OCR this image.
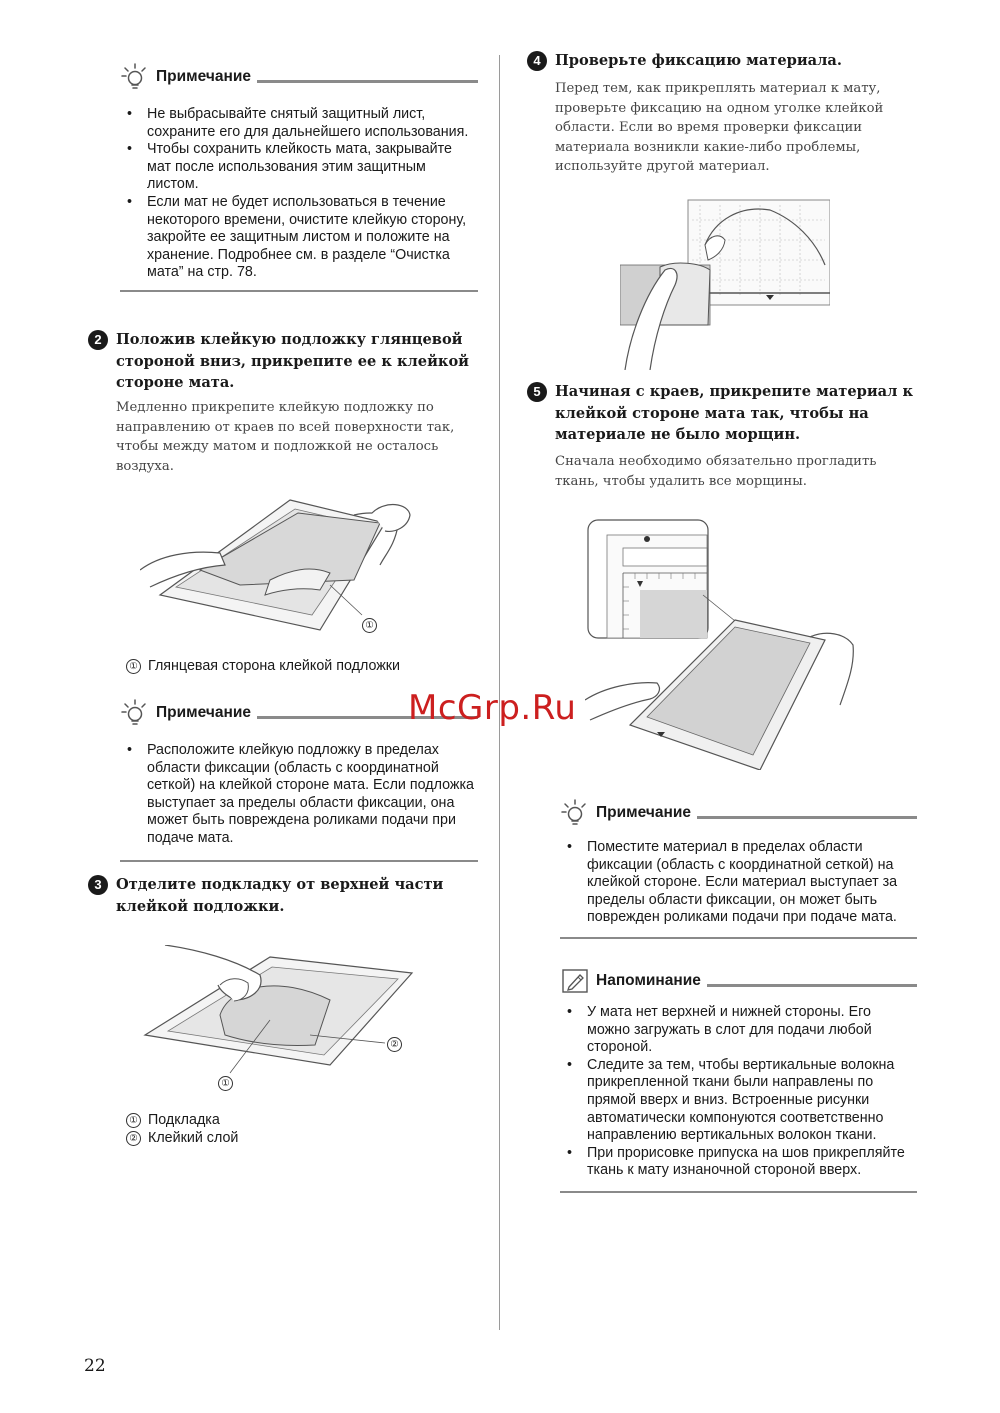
Примечание
• Не выбрасывайте снятый защитный лист, сохраните его для дальнейшего использования.
• Чтобы сохранить клейкость мата, закрывайте мат после использования этим защитным листом.
• Если мат не будет использоваться в течение некоторого времени, очистите клейкую сторону, закройте ее защитным листом и положите на хранение. Подробнее см. в разделе “Очистка мата” на стр. 78.
2 Положив клейкую подложку глянцевой стороной вниз, прикрепите ее к клейкой стороне мата.
Медленно прикрепите клейкую подложку по направлению от краев по всей поверхности так, чтобы между матом и подложкой не осталось воздуха.
①
① Глянцевая сторона клейкой подложки
Примечание
• Расположите клейкую подложку в пределах области фиксации (область с координатной сеткой) на клейкой стороне мата. Если подложка выступает за пределы области фиксации, она может быть повреждена роликами подачи при подаче мата.
3 Отделите подкладку от верхней части клейкой подложки.
②
①
① Подкладка
② Клейкий слой
4 Проверьте фиксацию материала.
Перед тем, как прикреплять материал к мату, проверьте фиксацию на одном уголке клейкой области. Если во время проверки фиксации материала возникли какие-либо проблемы, используйте другой материал.
5 Начиная с краев, прикрепите материал к клейкой стороне мата так, чтобы на материале не было морщин.
Сначала необходимо обязательно прогладить ткань, чтобы удалить все морщины.
Примечание
• Поместите материал в пределах области фиксации (область с координатной сеткой) на клейкой стороне. Если материал выступает за пределы области фиксации, он может быть поврежден роликами подачи при подаче мата.
Напоминание
• У мата нет верхней и нижней стороны. Его можно загружать в слот для подачи любой стороной.
• Следите за тем, чтобы вертикальные волокна прикрепленной ткани были направлены по прямой вверх и вниз. Встроенные рисунки автоматически компонуются соответственно направлению вертикальных волокон ткани.
• При прорисовке припуска на шов прикрепляйте ткань к мату изнаночной стороной вверх.
McGrp.Ru
22
